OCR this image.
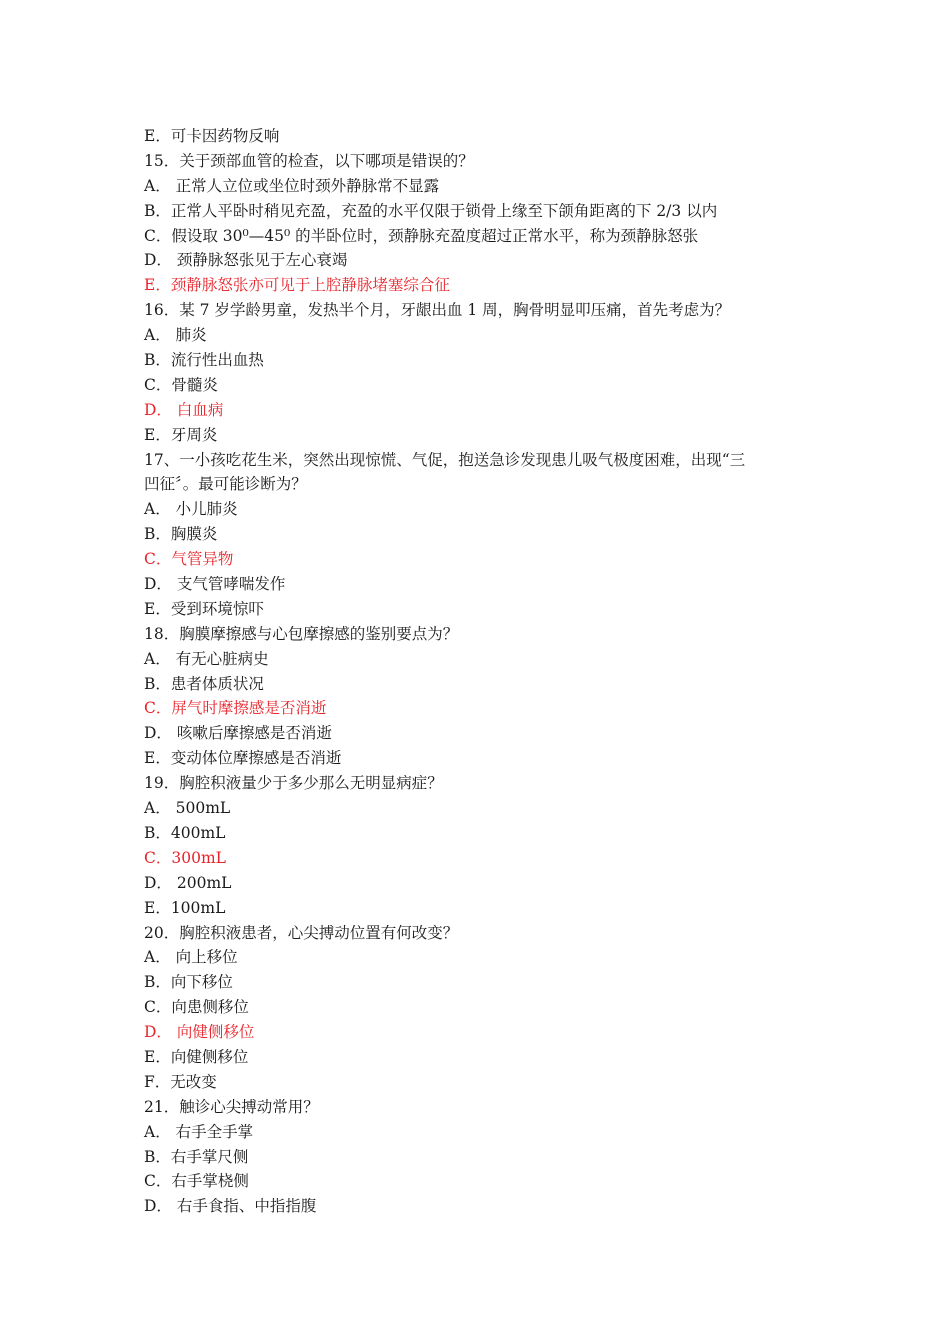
E．可卡因药物反响
15．关于颈部血管的检查，以下哪项是错误的？
A． 正常人立位或坐位时颈外静脉常不显露
B．正常人平卧时稍见充盈，充盈的水平仅限于锁骨上缘至下颌角距离的下 2/3 以内
C．假设取 30⁰—45⁰ 的半卧位时，颈静脉充盈度超过正常水平，称为颈静脉怒张
D． 颈静脉怒张见于左心衰竭
E．颈静脉怒张亦可见于上腔静脉堵塞综合征
16．某 7 岁学龄男童，发热半个月，牙龈出血 1 周，胸骨明显叩压痛，首先考虑为？
A． 肺炎
B．流行性出血热
C．骨髓炎
D． 白血病
E．牙周炎
17、一小孩吃花生米，突然出现惊慌、气促，抱送急诊发现患儿吸气极度困难，出现“三
凹征〞。最可能诊断为？
A． 小儿肺炎
B．胸膜炎
C．气管异物
D． 支气管哮喘发作
E．受到环境惊吓
18．胸膜摩擦感与心包摩擦感的鉴别要点为？
A． 有无心脏病史
B．患者体质状况
C．屏气时摩擦感是否消逝
D． 咳嗽后摩擦感是否消逝
E．变动体位摩擦感是否消逝
19．胸腔积液量少于多少那么无明显病症？
A． 500mL
B．400mL
C．300mL
D． 200mL
E．100mL
20．胸腔积液患者，心尖搏动位置有何改变？
A． 向上移位
B．向下移位
C．向患侧移位
D． 向健侧移位
E．向健侧移位
F．无改变
21．触诊心尖搏动常用？
A． 右手全手掌
B．右手掌尺侧
C．右手掌桡侧
D． 右手食指、中指指腹
